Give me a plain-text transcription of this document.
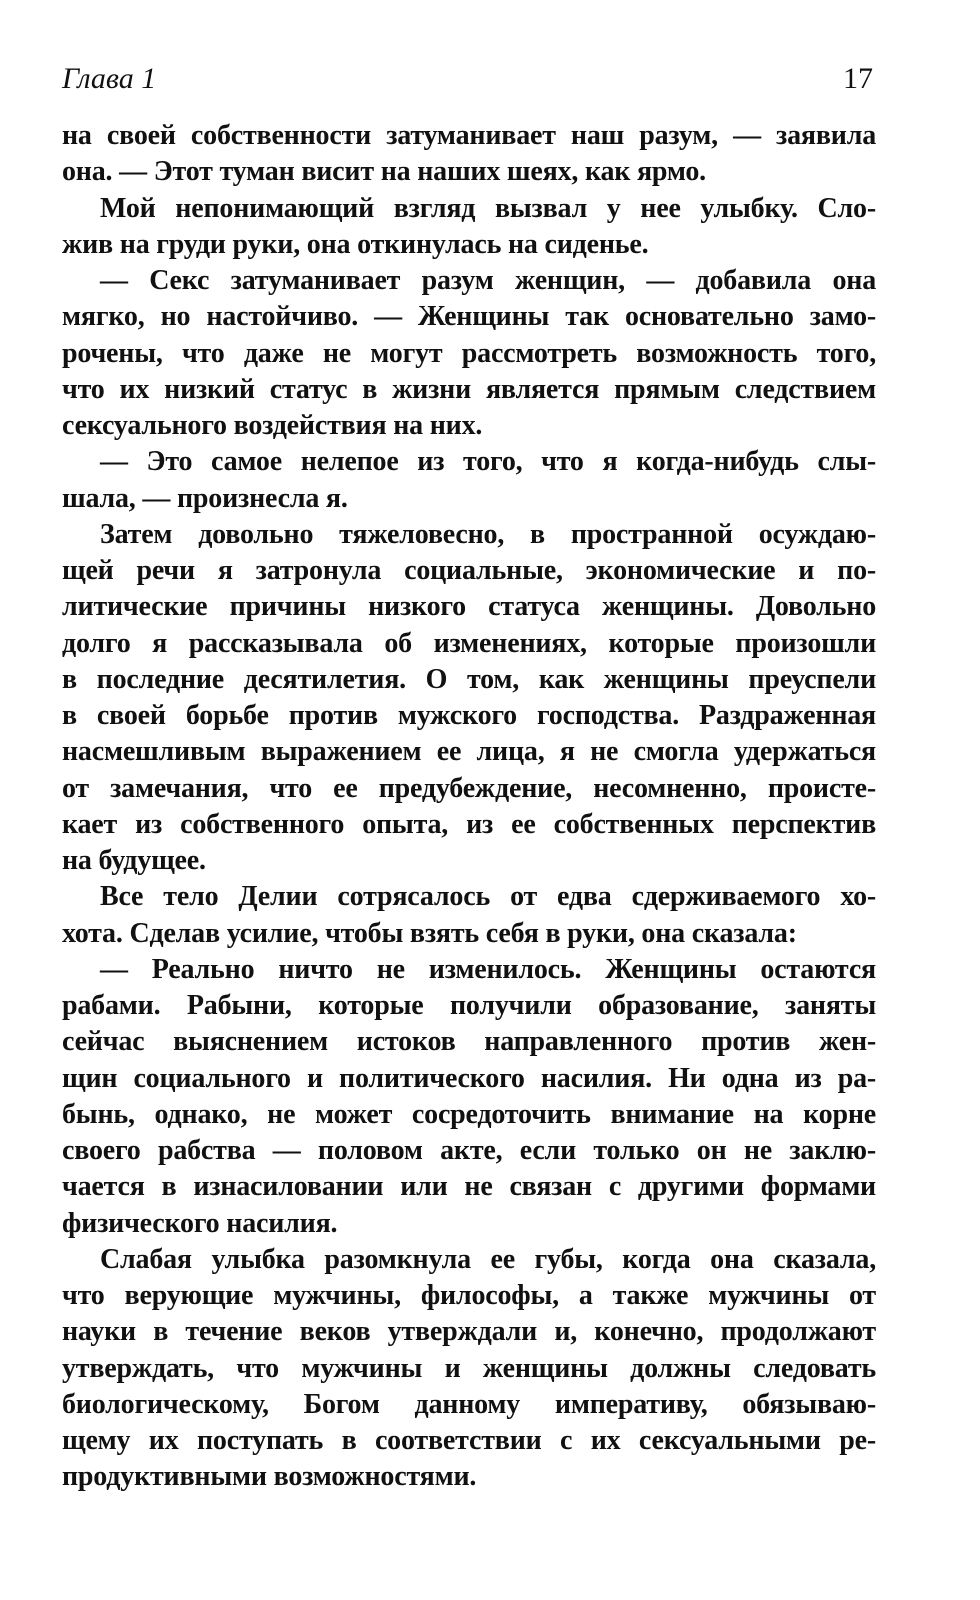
Глава 1	17
на своей собственности затуманивает наш разум, — заявила
она. — Этот туман висит на наших шеях, как ярмо.
Мой непонимающий взгляд вызвал у нее улыбку. Сло-
жив на груди руки, она откинулась на сиденье.
— Секс затуманивает разум женщин, — добавила она
мягко, но настойчиво. — Женщины так основательно замо-
рочены, что даже не могут рассмотреть возможность того,
что их низкий статус в жизни является прямым следствием
сексуального воздействия на них.
— Это самое нелепое из того, что я когда-нибудь слы-
шала, — произнесла я.
Затем довольно тяжеловесно, в пространной осуждаю-
щей речи я затронула социальные, экономические и по-
литические причины низкого статуса женщины. Довольно
долго я рассказывала об изменениях, которые произошли
в последние десятилетия. О том, как женщины преуспели
в своей борьбе против мужского господства. Раздраженная
насмешливым выражением ее лица, я не смогла удержаться
от замечания, что ее предубеждение, несомненно, происте-
кает из собственного опыта, из ее собственных перспектив
на будущее.
Все тело Делии сотрясалось от едва сдерживаемого хо-
хота. Сделав усилие, чтобы взять себя в руки, она сказала:
— Реально ничто не изменилось. Женщины остаются
рабами. Рабыни, которые получили образование, заняты
сейчас выяснением истоков направленного против жен-
щин социального и политического насилия. Ни одна из ра-
бынь, однако, не может сосредоточить внимание на корне
своего рабства — половом акте, если только он не заклю-
чается в изнасиловании или не связан с другими формами
физического насилия.
Слабая улыбка разомкнула ее губы, когда она сказала,
что верующие мужчины, философы, а также мужчины от
науки в течение веков утверждали и, конечно, продолжают
утверждать, что мужчины и женщины должны следовать
биологическому, Богом данному императиву, обязываю-
щему их поступать в соответствии с их сексуальными ре-
продуктивными возможностями.
